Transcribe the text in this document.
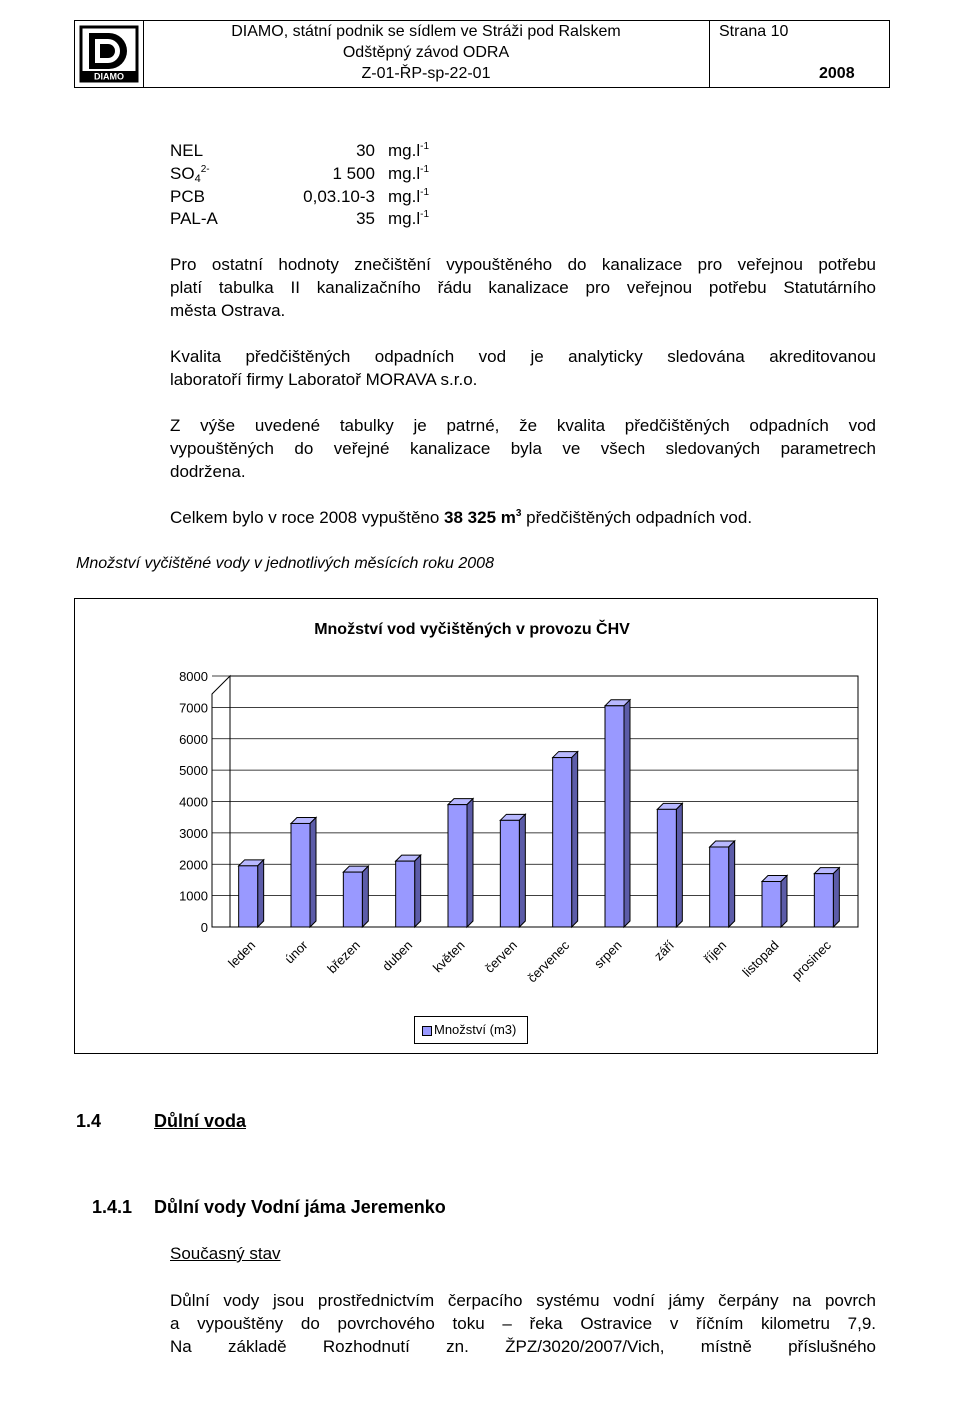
DIAMO
DIAMO, státní podnik se sídlem ve Stráži pod Ralskem
Odštěpný závod ODRA
Z-01-ŘP-sp-22-01
Strana 10
2008
NEL	30 $mg.l^{-1}$
$SO_4^{2-}$	1 500 $mg.l^{-1}$
PCB	0,03.10-3 $mg.l^{-1}$
PAL-A	35 $mg.l^{-1}$
Pro ostatní hodnoty znečištění vypouštěného do kanalizace pro veřejnou potřebu
platí tabulka II kanalizačního řádu kanalizace pro veřejnou potřebu Statutárního
města Ostrava.
Kvalita předčištěných odpadních vod je analyticky sledována akreditovanou
laboratoří firmy Laboratoř MORAVA s.r.o.
Z výše uvedené tabulky je patrné, že kvalita předčištěných odpadních vod
vypouštěných do veřejné kanalizace byla ve všech sledovaných parametrech
dodržena.
Celkem bylo v roce 2008 vypuštěno 38 325 $m^3$ předčištěných odpadních vod.
Množství vyčištěné vody v jednotlivých měsících roku 2008
Množství vod vyčištěných v provozu ČHV
0
1000
2000
3000
4000
5000
6000
7000
8000
leden únor březen duben květen červen červenec srpen září říjen listopad prosinec
Množství (m3)
1.4	Důlní voda
1.4.1 Důlní vody Vodní jáma Jeremenko
Současný stav
Důlní vody jsou prostřednictvím čerpacího systému vodní jámy čerpány na povrch
a vypouštěny do povrchového toku – řeka Ostravice v říčním kilometru 7,9.
Na základě Rozhodnutí zn. ŽPZ/3020/2007/Vich, místně příslušného
